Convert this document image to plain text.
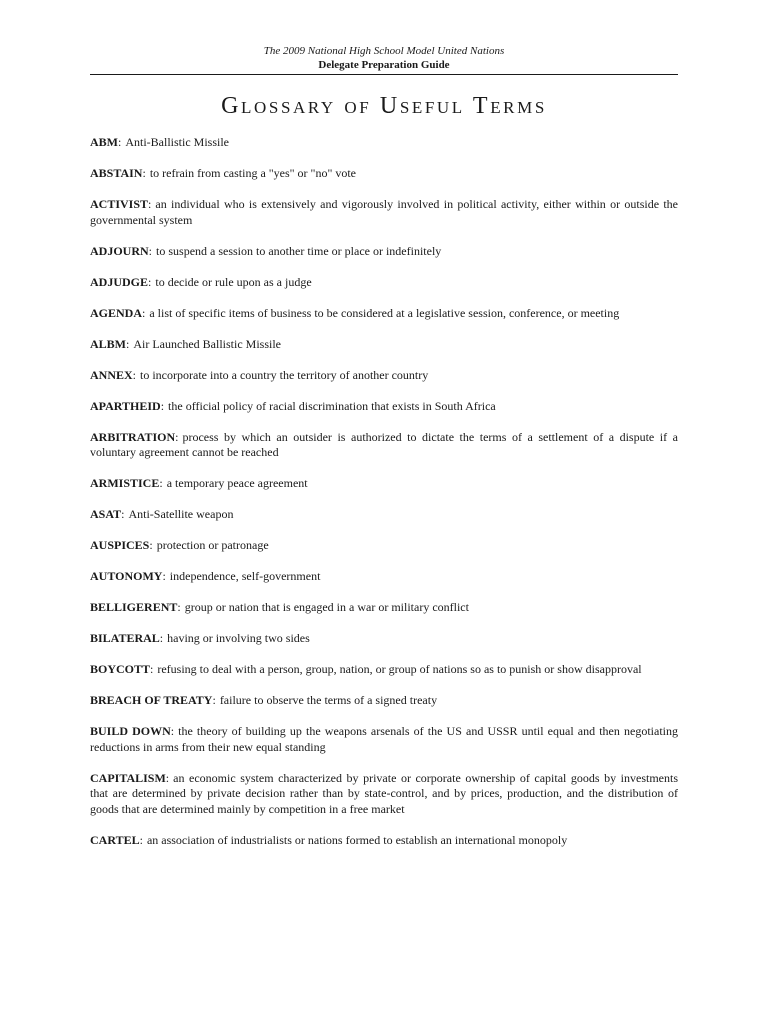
The 2009 National High School Model United Nations
Delegate Preparation Guide
Glossary of Useful Terms

ABM: Anti-Ballistic Missile

ABSTAIN: to refrain from casting a "yes" or "no" vote

ACTIVIST: an individual who is extensively and vigorously involved in political activity, either within or outside the governmental system

ADJOURN: to suspend a session to another time or place or indefinitely

ADJUDGE: to decide or rule upon as a judge

AGENDA: a list of specific items of business to be considered at a legislative session, conference, or meeting

ALBM: Air Launched Ballistic Missile

ANNEX: to incorporate into a country the territory of another country

APARTHEID: the official policy of racial discrimination that exists in South Africa

ARBITRATION: process by which an outsider is authorized to dictate the terms of a settlement of a dispute if a voluntary agreement cannot be reached

ARMISTICE: a temporary peace agreement

ASAT: Anti-Satellite weapon

AUSPICES: protection or patronage

AUTONOMY: independence, self-government

BELLIGERENT: group or nation that is engaged in a war or military conflict

BILATERAL: having or involving two sides

BOYCOTT: refusing to deal with a person, group, nation, or group of nations so as to punish or show disapproval

BREACH OF TREATY: failure to observe the terms of a signed treaty

BUILD DOWN: the theory of building up the weapons arsenals of the US and USSR until equal and then negotiating reductions in arms from their new equal standing

CAPITALISM: an economic system characterized by private or corporate ownership of capital goods by investments that are determined by private decision rather than by state-control, and by prices, production, and the distribution of goods that are determined mainly by competition in a free market

CARTEL: an association of industrialists or nations formed to establish an international monopoly
